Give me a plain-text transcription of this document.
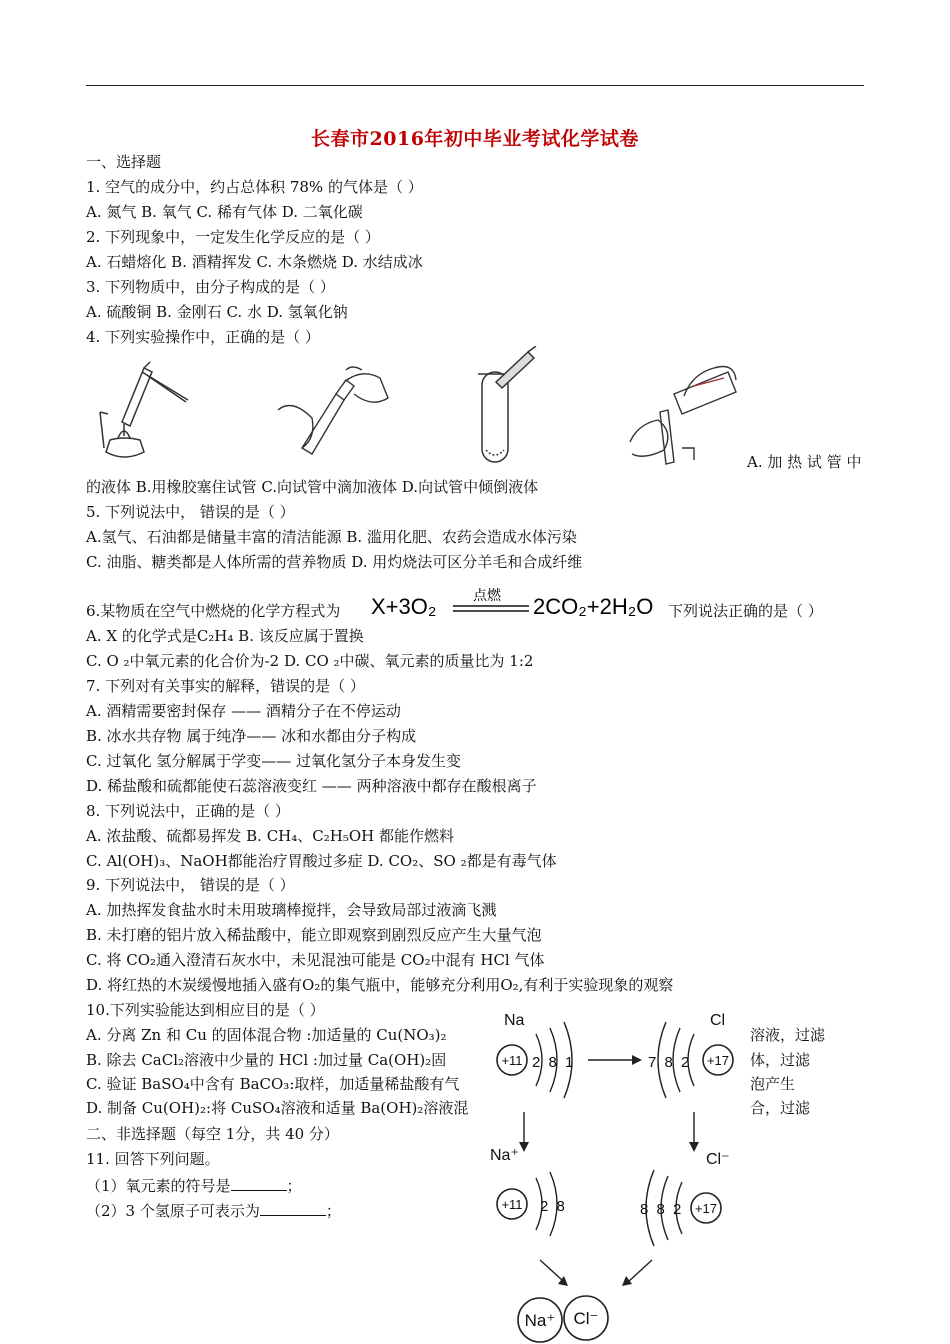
长春市2016年初中毕业考试化学试卷
一、选择题
1. 空气的成分中，约占总体积 78% 的气体是（ ）
A. 氮气 B. 氧气 C. 稀有气体 D. 二氧化碳
2. 下列现象中，一定发生化学反应的是（ ）
A. 石蜡熔化 B. 酒精挥发 C. 木条燃烧 D. 水结成冰
3. 下列物质中，由分子构成的是（ ）
A. 硫酸铜 B. 金刚石 C. 水 D. 氢氧化钠
4. 下列实验操作中，正确的是（ ）
A. 加 热 试 管 中
的液体 B.用橡胶塞住试管 C.向试管中滴加液体 D.向试管中倾倒液体
5. 下列说法中， 错误的是（ ）
A.氢气、石油都是储量丰富的清洁能源 B. 滥用化肥、农药会造成水体污染
C. 油脂、糖类都是人体所需的营养物质 D. 用灼烧法可区分羊毛和合成纤维
6.某物质在空气中燃烧的化学方程式为 X+3O₂	点燃 2CO₂+2H₂O 下列说法正确的是（ ）
A. X 的化学式是C₂H₄ B. 该反应属于置换
C. O ₂中氧元素的化合价为-2 D. CO ₂中碳、氧元素的质量比为 1:2
7. 下列对有关事实的解释，错误的是（ ）
A. 酒精需要密封保存 —— 酒精分子在不停运动
B. 冰水共存物 属于纯净—— 冰和水都由分子构成
C. 过氧化 氢分解属于学变—— 过氧化氢分子本身发生变
D. 稀盐酸和硫都能使石蕊溶液变红 —— 两种溶液中都存在酸根离子
8. 下列说法中，正确的是（ ）
A. 浓盐酸、硫都易挥发 B. CH₄、C₂H₅OH 都能作燃料
C. Al(OH)₃、NaOH都能治疗胃酸过多症 D. CO₂、SO ₂都是有毒气体
9. 下列说法中， 错误的是（ ）
A. 加热挥发食盐水时未用玻璃棒搅拌，会导致局部过液滴飞溅
B. 未打磨的铝片放入稀盐酸中，能立即观察到剧烈反应产生大量气泡
C. 将 CO₂通入澄清石灰水中，未见混浊可能是 CO₂中混有 HCl 气体
D. 将红热的木炭缓慢地插入盛有O₂的集气瓶中，能够充分利用O₂,有利于实验现象的观察
10.下列实验能达到相应目的是（ ）
A. 分离 Zn 和 Cu 的固体混合物 :加适量的 Cu(NO₃)₂	溶液，过滤
B. 除去 CaCl₂溶液中少量的 HCl :加过量 Ca(OH)₂固	体，过滤
C. 验证 BaSO₄中含有 BaCO₃:取样，加适量稀盐酸有气	泡产生
D. 制备 Cu(OH)₂:将 CuSO₄溶液和适量 Ba(OH)₂溶液混	合，过滤
二、非选择题（每空 1分，共 40 分）
11. 回答下列问题。
（1）氧元素的符号是	；
（2）3 个氢原子可表示为	；
Na
+11 2 8 1
Cl
+17
7 8 2
Na⁺
+11 2 8
Cl⁻
+17
8 8 2
Na⁺ Cl⁻
